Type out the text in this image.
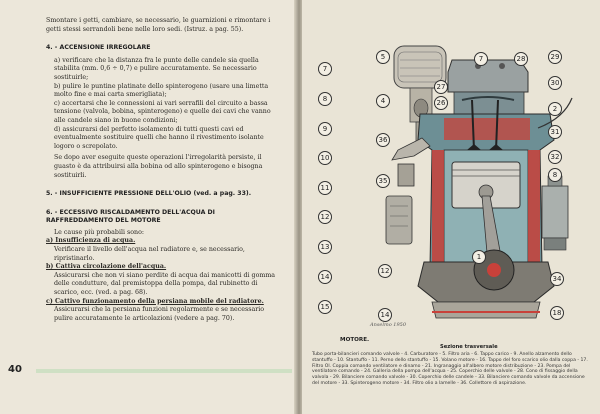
Smontare i getti, cambiare, se necessario, le guarnizioni e rimontare i getti stessi serrandoli bene nelle loro sedi. (Istruz. a pag. 55).

4. - ACCENSIONE IRREGOLARE

a) verificare che la distanza fra le punte delle candele sia quella stabilita (mm. 0,6 ÷ 0,7) e pulire accuratamente. Se necessario sostituirle;

b) pulire le puntine platinate dello spinterogeno (usare una limetta molto fine e mai carta smerigliata);

c) accertarsi che le connessioni ai vari serrafili del circuito a bassa tensione (valvola, bobina, spinterogeno) e quelle dei cavi che vanno alle candele siano in buone condizioni;

d) assicurarsi del perfetto isolamento di tutti questi cavi ed eventualmente sostituire quelli che hanno il rivestimento isolante logoro o screpolato.

Se dopo aver eseguite queste operazioni l'irregolarità persiste, il guasto è da attribuirsi alla bobina od allo spinterogeno e bisogna sostituirli.

5. - INSUFFICIENTE PRESSIONE DELL'OLIO (ved. a pag. 33).

6. - ECCESSIVO RISCALDAMENTO DELL'ACQUA DI RAFFREDDAMENTO DEL MOTORE

Le cause più probabili sono:

a) Insufficienza di acqua.

Verificare il livello dell'acqua nel radiatore e, se necessario, ripristinarlo.

b) Cattiva circolazione dell'acqua.

Assicurarsi che non vi siano perdite di acqua dai manicotti di gomma delle condutture, dal premistoppa della pompa, dal rubinetto di scarico, ecc. (ved. a pag. 68).

c) Cattivo funzionamento della persiana mobile del radiatore.

Assicurarsi che la persiana funzioni regolarmente e se necessario pulire accuratamente le articolazioni (vedere a pag. 70).

40
7
8
9
10
11
12
13
14
15
12
14
5
4
27
26
36
35
7	28	29
30
2
31
32
1
8
34
18
Anselmo 1950
MOTORE.
Sezione trasversale
Tubo porta-bilancieri comando valvole - 4. Carburatore - 5. Filtro aria - 6. Tappo carico - 9. Anello alzamento dello stantuffo - 10. Stantuffo - 11. Perno dello stantuffo - 15. Volano motore - 16. Tappo del foro scarico olio dalla coppa - 17. Filtro Ol. Coppia comando ventilatore e dinamo - 21. Ingranaggio all'albero motore distribuzione - 23. Pompa del ventilatore comando - 24. Galleria della pompa dell'acqua - 25. Coperchio delle valvole - 28. Cono di fissaggio della valvola - 29. Bilanciere comando valvole - 30. Coperchio delle candele - 33. Bilanciere comando valvole da accensione del motore - 33. Spinterogeno motore - 34. Filtro olio a lamelle - 36. Collettore di aspirazione.
